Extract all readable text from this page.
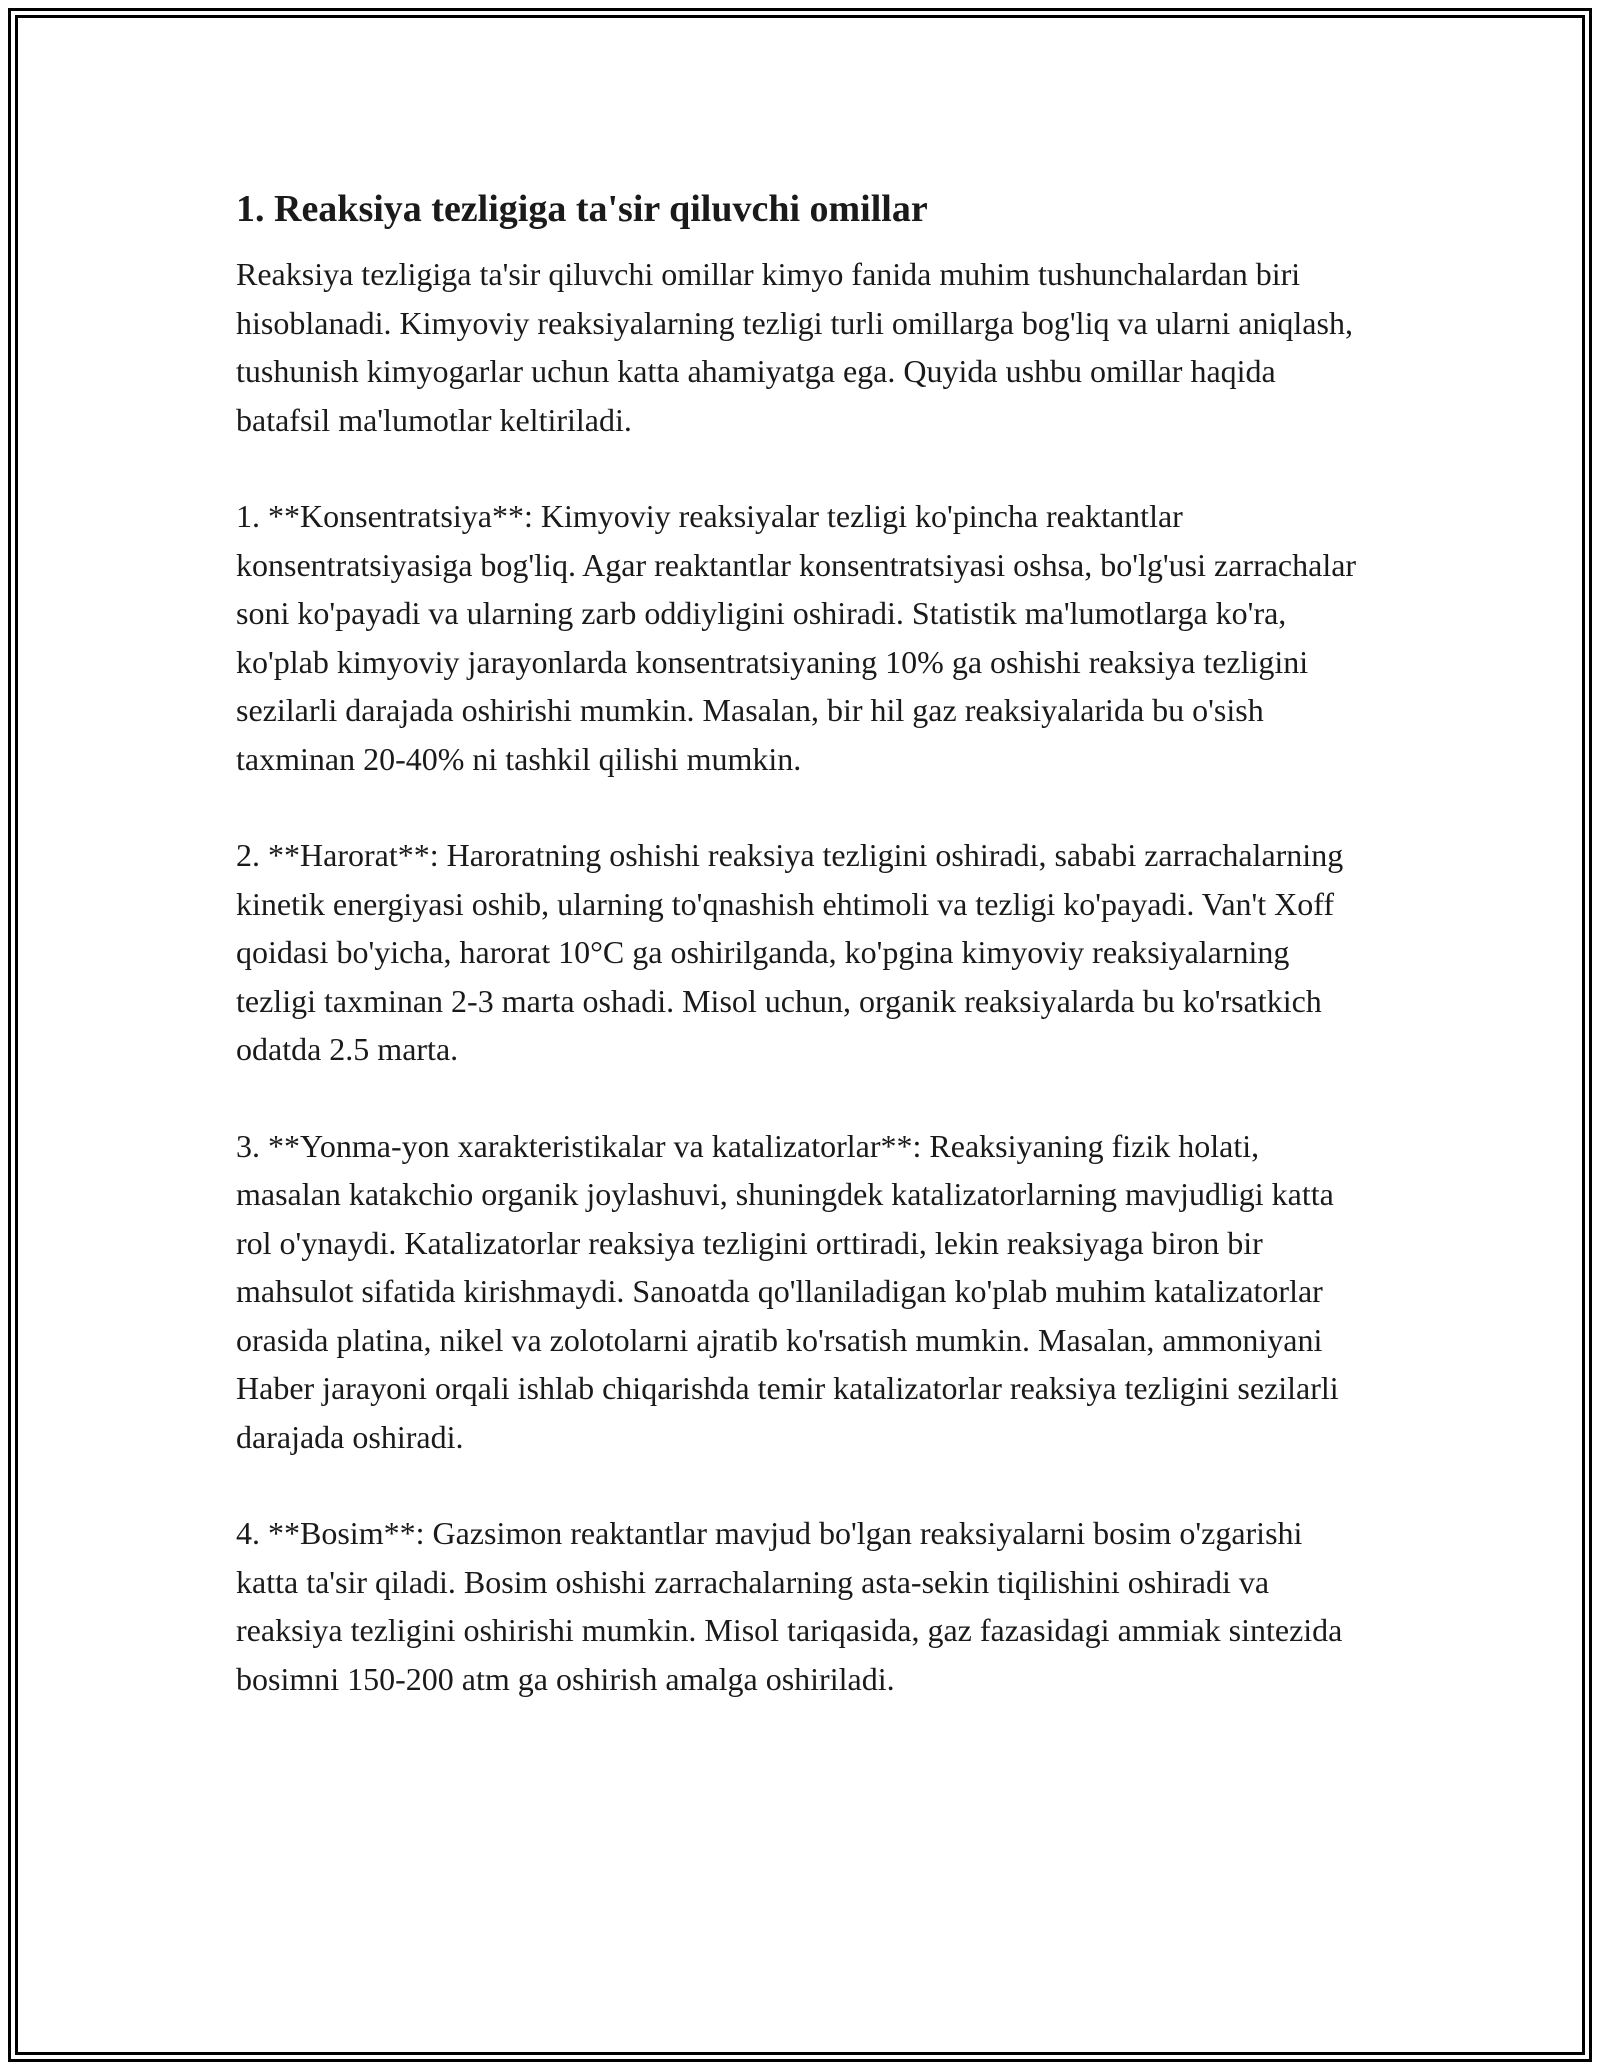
1. Reaksiya tezligiga ta'sir qiluvchi omillar

Reaksiya tezligiga ta'sir qiluvchi omillar kimyo fanida muhim tushunchalardan biri hisoblanadi. Kimyoviy reaksiyalarning tezligi turli omillarga bog'liq va ularni aniqlash, tushunish kimyogarlar uchun katta ahamiyatga ega. Quyida ushbu omillar haqida batafsil ma'lumotlar keltiriladi.

1. **Konsentratsiya**: Kimyoviy reaksiyalar tezligi ko'pincha reaktantlar konsentratsiyasiga bog'liq. Agar reaktantlar konsentratsiyasi oshsa, bo'lg'usi zarrachalar soni ko'payadi va ularning zarb oddiyligini oshiradi. Statistik ma'lumotlarga ko'ra, ko'plab kimyoviy jarayonlarda konsentratsiyaning 10% ga oshishi reaksiya tezligini sezilarli darajada oshirishi mumkin. Masalan, bir hil gaz reaksiyalarida bu o'sish taxminan 20-40% ni tashkil qilishi mumkin.

2. **Harorat**: Haroratning oshishi reaksiya tezligini oshiradi, sababi zarrachalarning kinetik energiyasi oshib, ularning to'qnashish ehtimoli va tezligi ko'payadi. Van't Xoff qoidasi bo'yicha, harorat 10°C ga oshirilganda, ko'pgina kimyoviy reaksiyalarning tezligi taxminan 2-3 marta oshadi. Misol uchun, organik reaksiyalarda bu ko'rsatkich odatda 2.5 marta.

3. **Yonma-yon xarakteristikalar va katalizatorlar**: Reaksiyaning fizik holati, masalan katakchio organik joylashuvi, shuningdek katalizatorlarning mavjudligi katta rol o'ynaydi. Katalizatorlar reaksiya tezligini orttiradi, lekin reaksiyaga biron bir mahsulot sifatida kirishmaydi. Sanoatda qo'llaniladigan ko'plab muhim katalizatorlar orasida platina, nikel va zolotolarni ajratib ko'rsatish mumkin. Masalan, ammoniyani Haber jarayoni orqali ishlab chiqarishda temir katalizatorlar reaksiya tezligini sezilarli darajada oshiradi.

4. **Bosim**: Gazsimon reaktantlar mavjud bo'lgan reaksiyalarni bosim o'zgarishi katta ta'sir qiladi. Bosim oshishi zarrachalarning asta-sekin tiqilishini oshiradi va reaksiya tezligini oshirishi mumkin. Misol tariqasida, gaz fazasidagi ammiak sintezida bosimni 150-200 atm ga oshirish amalga oshiriladi.
